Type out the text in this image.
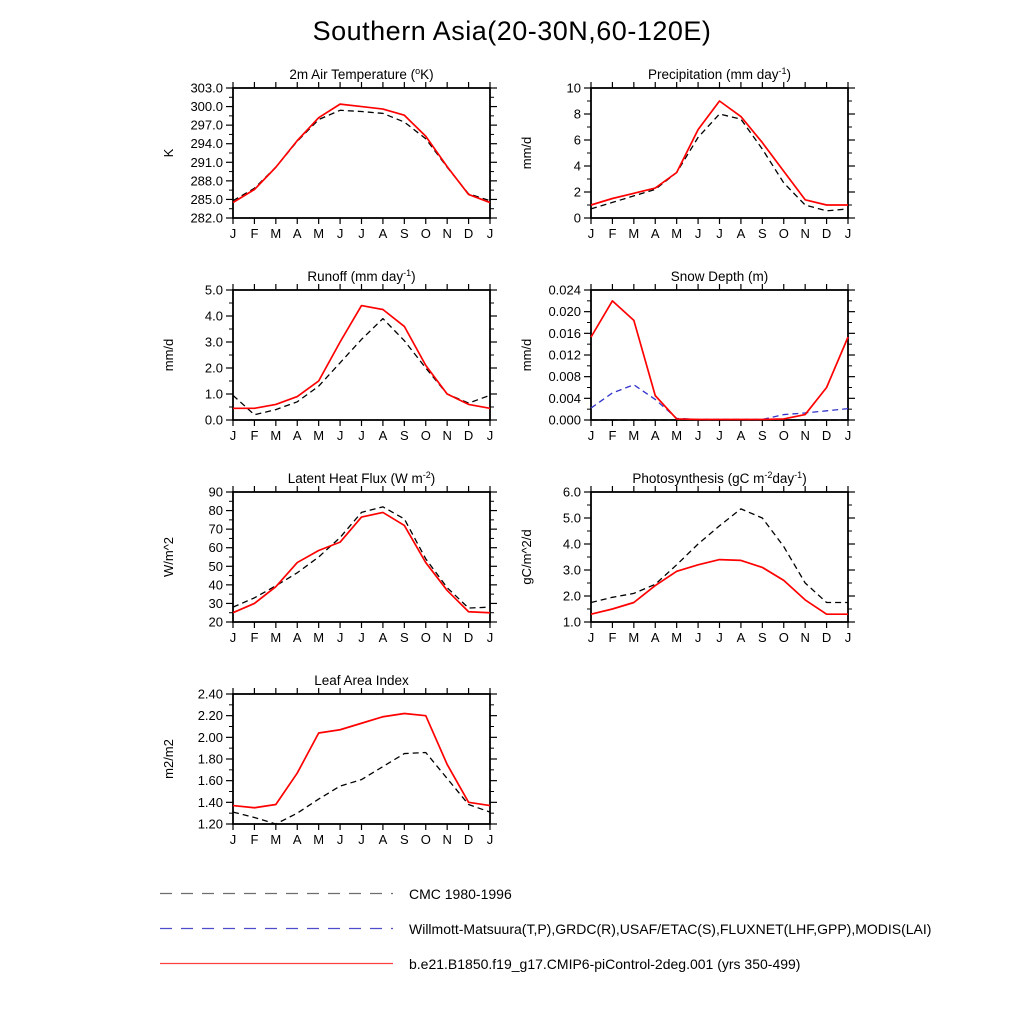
Southern Asia(20-30N,60-120E)
J F M A M J J A S O N D J
282.0
285.0
288.0
291.0
294.0
297.0
300.0
303.0
K
2m Air Temperature ($^o$K)
J F M A M J J A S O N D J
0
2
4
6
8
10
mm/d
Precipitation (mm day$^{-1}$)
J F M A M J J A S O N D J
0.0
1.0
2.0
3.0
4.0
5.0
mm/d
Runoff (mm day$^{-1}$)
J F M A M J J A S O N D J
0.000
0.004
0.008
0.012
0.016
0.020
0.024
mm/d
Snow Depth (m)
J F M A M J J A S O N D J
20
30
40
50
60
70
80
90
W/m^2
Latent Heat Flux (W $m^{-2}$)
J F M A M J J A S O N D J
1.0
2.0
3.0
4.0
5.0
6.0
gC/m^2/d
Photosynthesis (gC $m^{-2}day^{-1}$)
J F M A M J J A S O N D J
1.20
1.40
1.60
1.80
2.00
2.20
2.40
m2/m2
Leaf Area Index
CMC 1980-1996
Willmott-Matsuura(T,P),GRDC(R),USAF/ETAC(S),FLUXNET(LHF,GPP),MODIS(LAI)
b.e21.B1850.f19_g17.CMIP6-piControl-2deg.001 (yrs 350-499)
